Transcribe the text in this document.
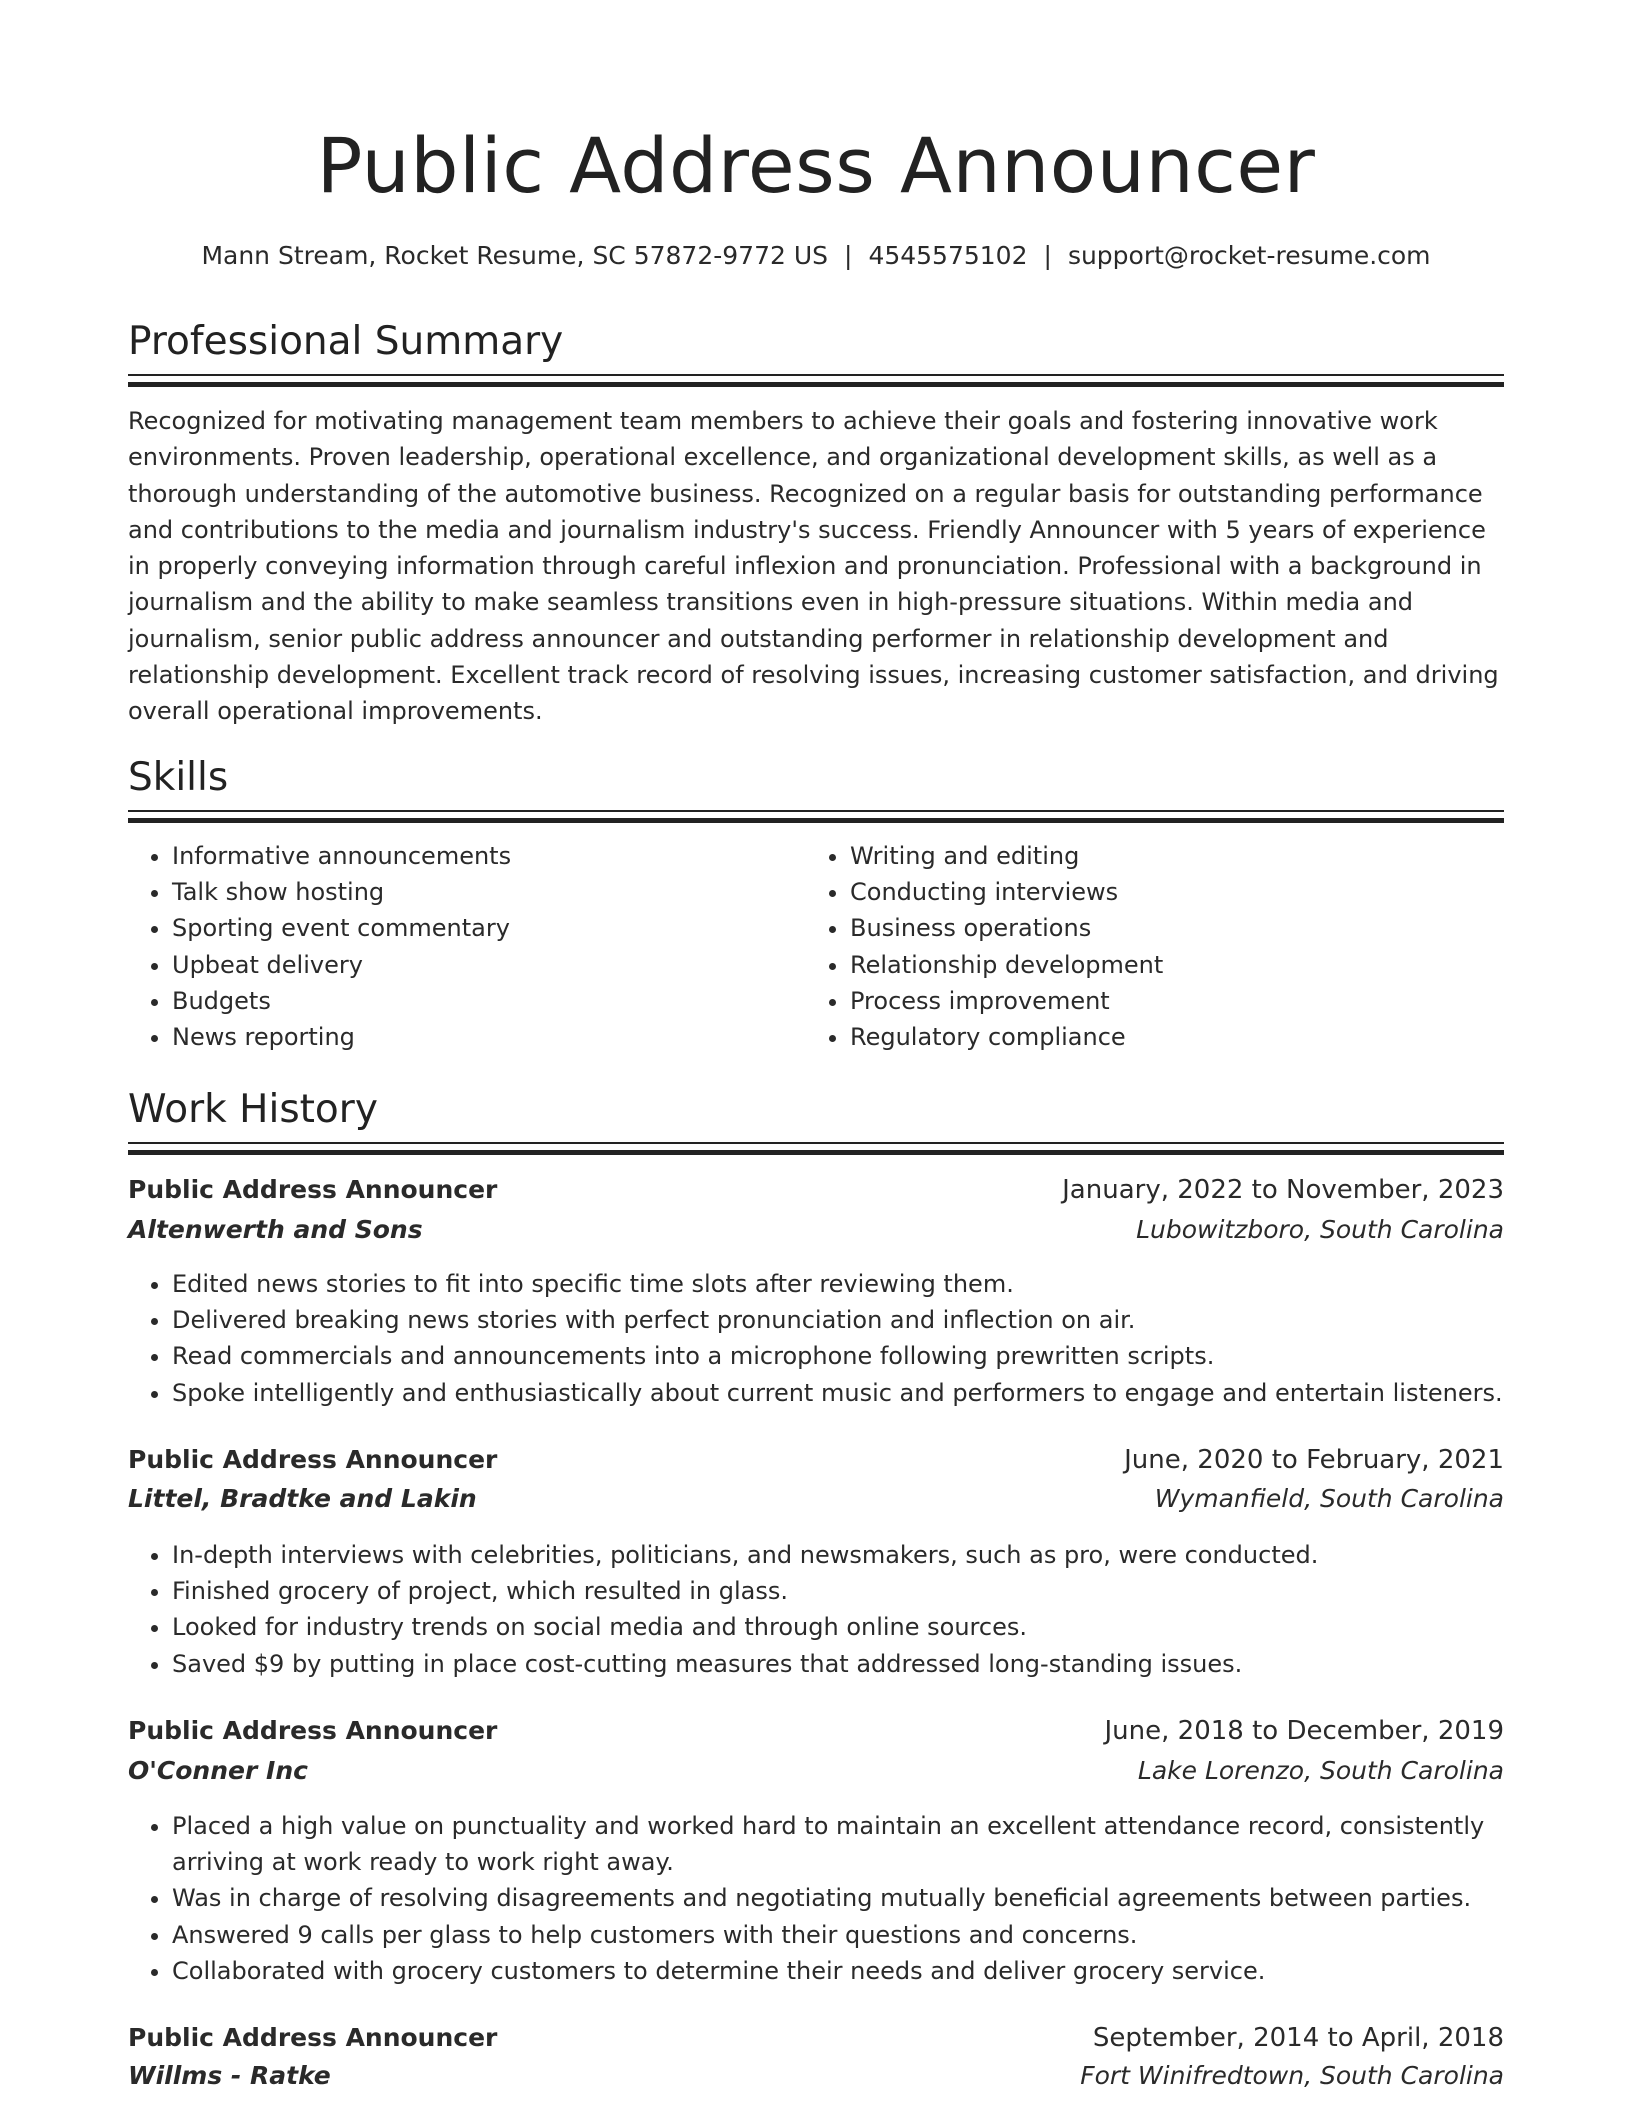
Public Address Announcer
Mann Stream, Rocket Resume, SC 57872-9772 US | 4545575102 | support@rocket-resume.com
Professional Summary

Recognized for motivating management team members to achieve their goals and fostering innovative work environments. Proven leadership, operational excellence, and organizational development skills, as well as a thorough understanding of the automotive business. Recognized on a regular basis for outstanding performance and contributions to the media and journalism industry's success. Friendly Announcer with 5 years of experience in properly conveying information through careful inflexion and pronunciation. Professional with a background in journalism and the ability to make seamless transitions even in high-pressure situations. Within media and journalism, senior public address announcer and outstanding performer in relationship development and relationship development. Excellent track record of resolving issues, increasing customer satisfaction, and driving overall operational improvements.

Skills
• Informative announcements
• Talk show hosting
• Sporting event commentary
• Upbeat delivery
• Budgets
• News reporting
• Writing and editing
• Conducting interviews
• Business operations
• Relationship development
• Process improvement
• Regulatory compliance
Work History
Public Address Announcer	January, 2022 to November, 2023
Altenwerth and Sons	Lubowitzboro, South Carolina
• Edited news stories to fit into specific time slots after reviewing them.
• Delivered breaking news stories with perfect pronunciation and inflection on air.
• Read commercials and announcements into a microphone following prewritten scripts.
• Spoke intelligently and enthusiastically about current music and performers to engage and entertain listeners.
Public Address Announcer	June, 2020 to February, 2021
Littel, Bradtke and Lakin	Wymanfield, South Carolina
• In-depth interviews with celebrities, politicians, and newsmakers, such as pro, were conducted.
• Finished grocery of project, which resulted in glass.
• Looked for industry trends on social media and through online sources.
• Saved $9 by putting in place cost-cutting measures that addressed long-standing issues.
Public Address Announcer	June, 2018 to December, 2019
O'Conner Inc	Lake Lorenzo, South Carolina
• Placed a high value on punctuality and worked hard to maintain an excellent attendance record, consistently arriving at work ready to work right away.
• Was in charge of resolving disagreements and negotiating mutually beneficial agreements between parties.
• Answered 9 calls per glass to help customers with their questions and concerns.
• Collaborated with grocery customers to determine their needs and deliver grocery service.
Public Address Announcer	September, 2014 to April, 2018
Willms - Ratke	Fort Winifredtown, South Carolina
